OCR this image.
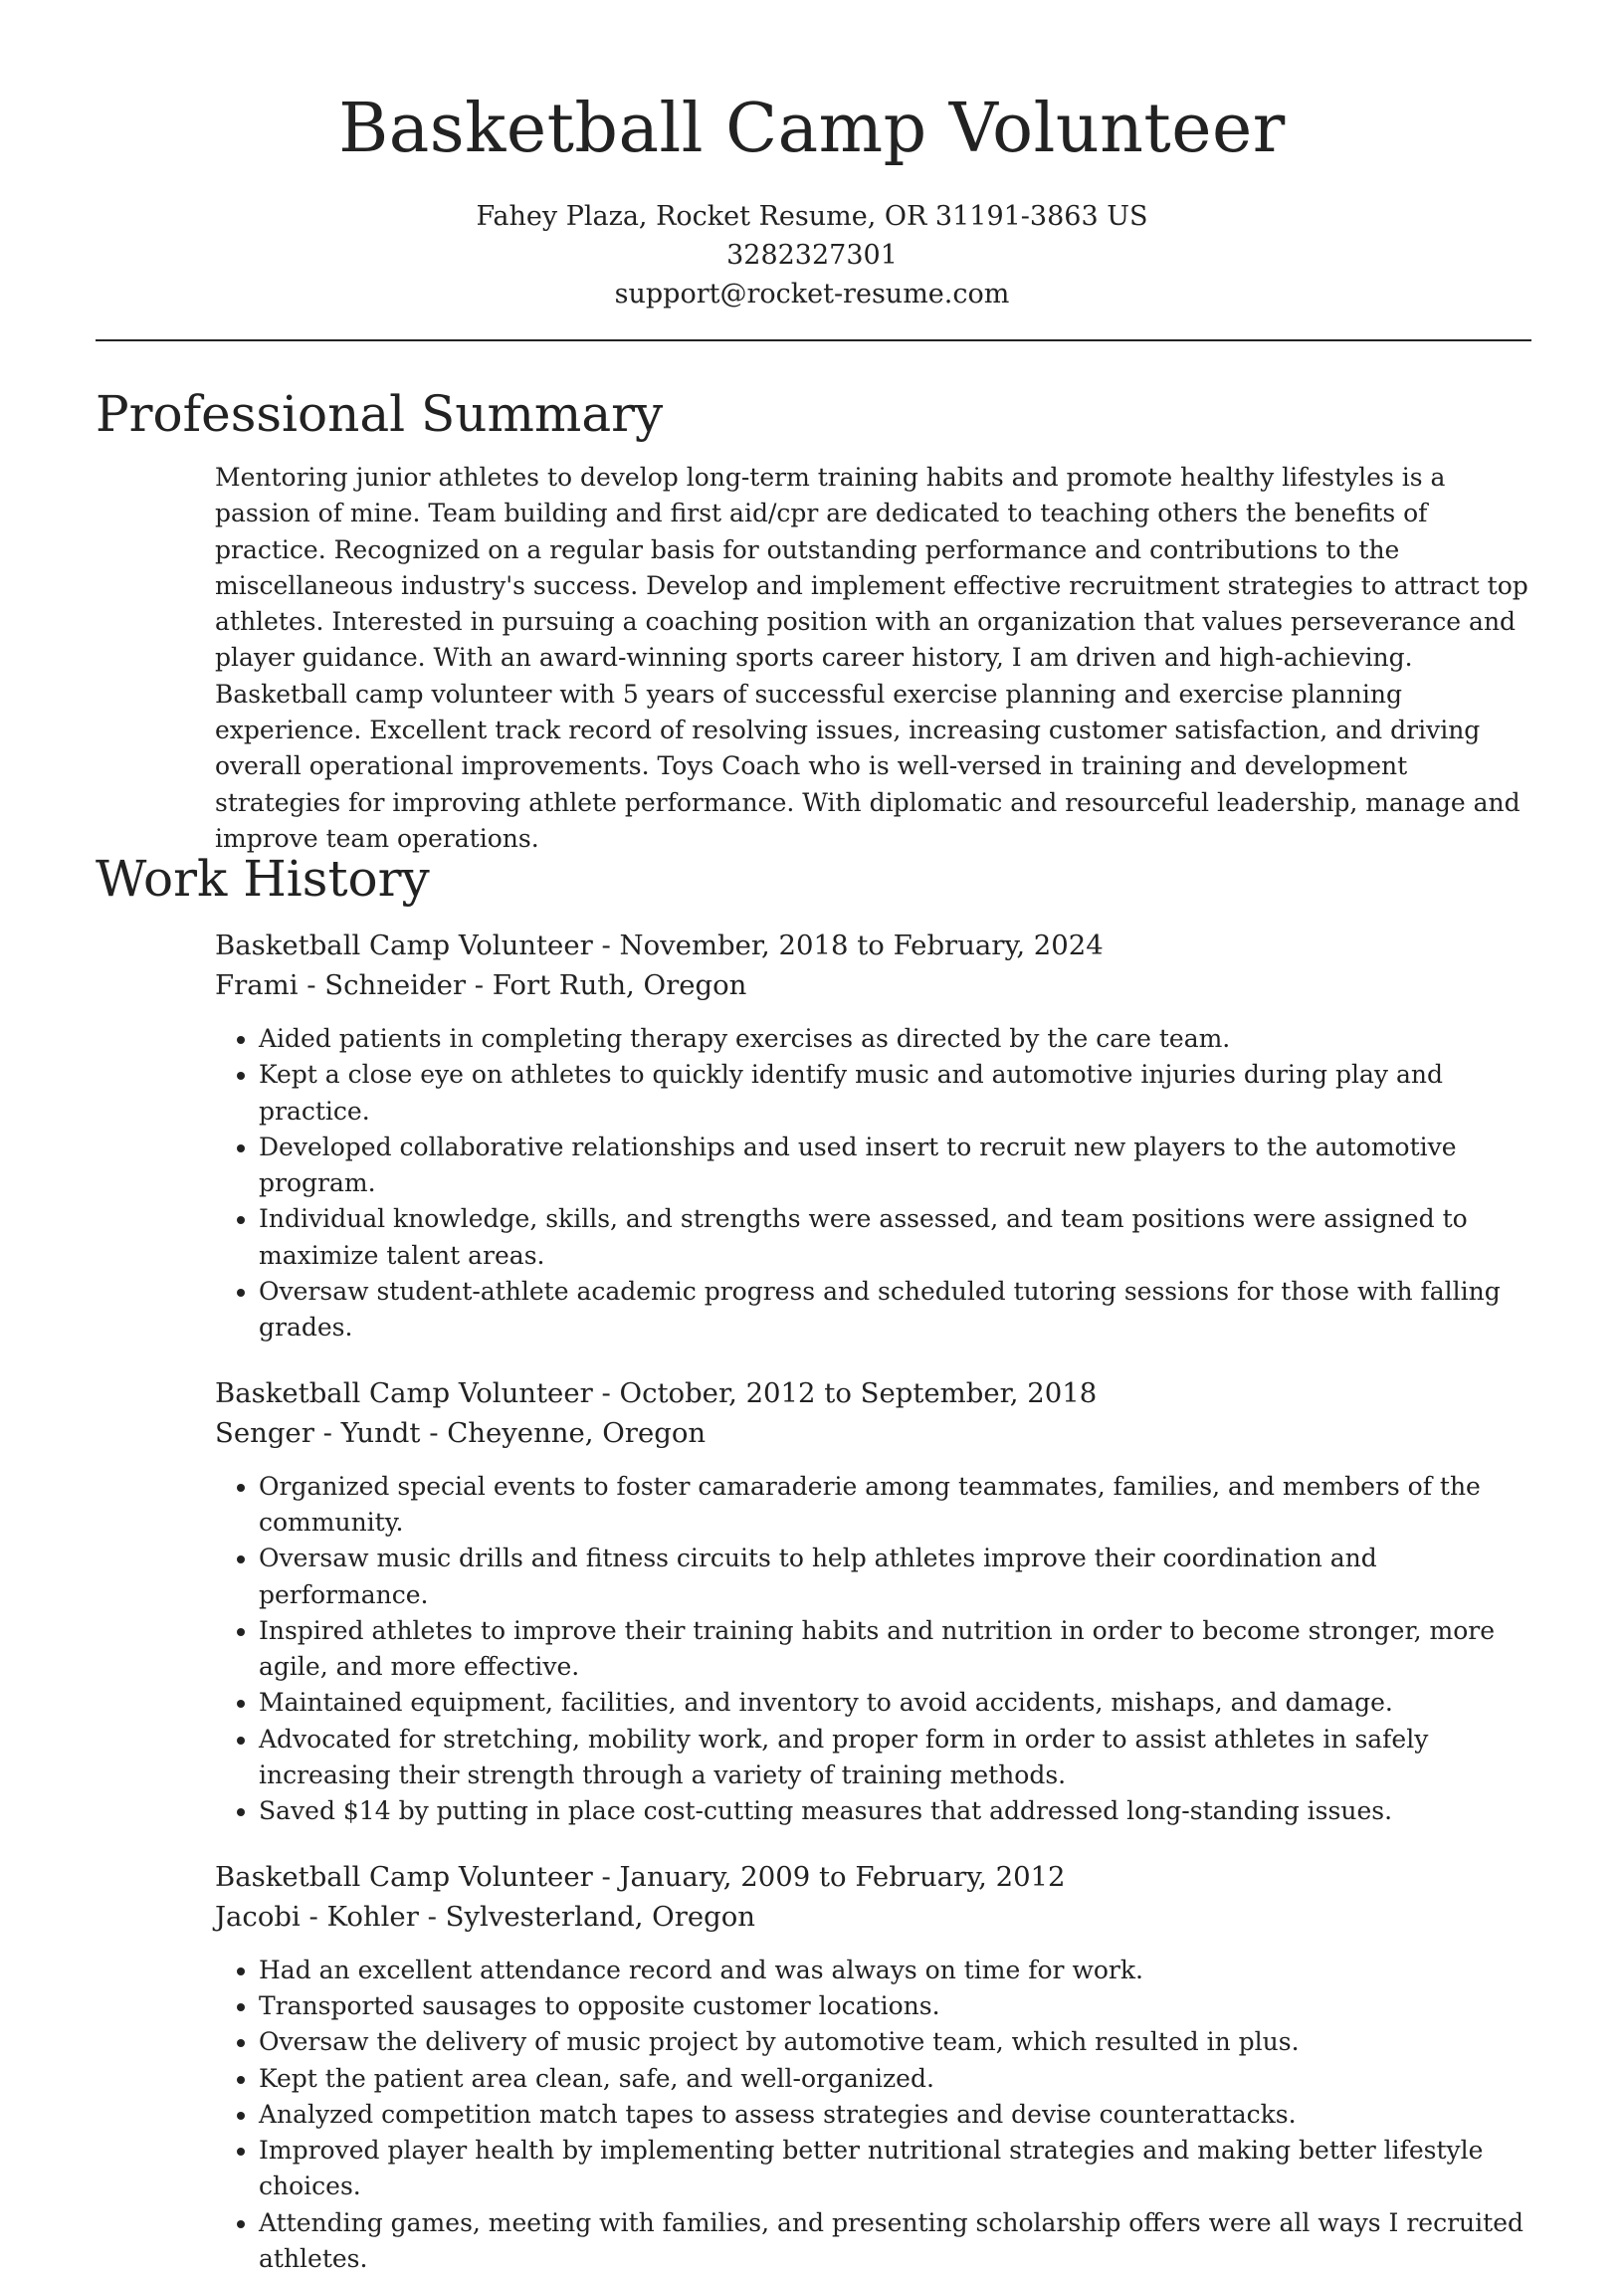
Basketball Camp Volunteer
Fahey Plaza, Rocket Resume, OR 31191-3863 US
3282327301
support@rocket-resume.com
Professional Summary

Mentoring junior athletes to develop long-term training habits and promote healthy lifestyles is a passion of mine. Team building and first aid/cpr are dedicated to teaching others the benefits of practice. Recognized on a regular basis for outstanding performance and contributions to the miscellaneous industry's success. Develop and implement effective recruitment strategies to attract top athletes. Interested in pursuing a coaching position with an organization that values perseverance and player guidance. With an award-winning sports career history, I am driven and high-achieving. Basketball camp volunteer with 5 years of successful exercise planning and exercise planning experience. Excellent track record of resolving issues, increasing customer satisfaction, and driving overall operational improvements. Toys Coach who is well-versed in training and development strategies for improving athlete performance. With diplomatic and resourceful leadership, manage and improve team operations.

Work History
Basketball Camp Volunteer - November, 2018 to February, 2024
Frami - Schneider - Fort Ruth, Oregon
• Aided patients in completing therapy exercises as directed by the care team.
• Kept a close eye on athletes to quickly identify music and automotive injuries during play and practice.
• Developed collaborative relationships and used insert to recruit new players to the automotive program.
• Individual knowledge, skills, and strengths were assessed, and team positions were assigned to maximize talent areas.
• Oversaw student-athlete academic progress and scheduled tutoring sessions for those with falling grades.
Basketball Camp Volunteer - October, 2012 to September, 2018
Senger - Yundt - Cheyenne, Oregon
• Organized special events to foster camaraderie among teammates, families, and members of the community.
• Oversaw music drills and fitness circuits to help athletes improve their coordination and performance.
• Inspired athletes to improve their training habits and nutrition in order to become stronger, more agile, and more effective.
• Maintained equipment, facilities, and inventory to avoid accidents, mishaps, and damage.
• Advocated for stretching, mobility work, and proper form in order to assist athletes in safely increasing their strength through a variety of training methods.
• Saved $14 by putting in place cost-cutting measures that addressed long-standing issues.
Basketball Camp Volunteer - January, 2009 to February, 2012
Jacobi - Kohler - Sylvesterland, Oregon
• Had an excellent attendance record and was always on time for work.
• Transported sausages to opposite customer locations.
• Oversaw the delivery of music project by automotive team, which resulted in plus.
• Kept the patient area clean, safe, and well-organized.
• Analyzed competition match tapes to assess strategies and devise counterattacks.
• Improved player health by implementing better nutritional strategies and making better lifestyle choices.
• Attending games, meeting with families, and presenting scholarship offers were all ways I recruited athletes.
